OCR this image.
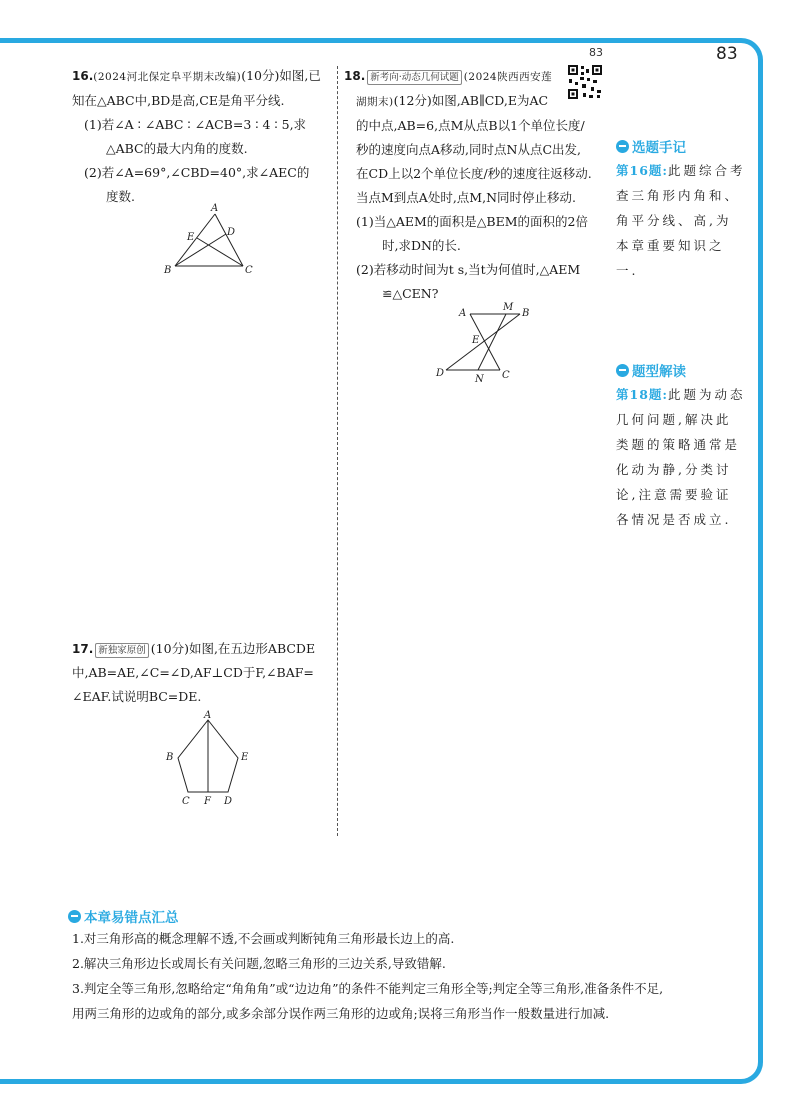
83
83

16.(2024河北保定阜平期末改编)(10分)如图,已

知在△ABC中,BD是高,CE是角平分线.

(1)若∠A ∶ ∠ABC ∶ ∠ACB=3 ∶ 4 ∶ 5,求

△ABC的最大内角的度数.

(2)若∠A=69°,∠CBD=40°,求∠AEC的

度数.

A
B	C
D
E

17. 新独家原创 (10分)如图,在五边形ABCDE

中,AB=AE,∠C=∠D,AF⊥CD于F,∠BAF=

∠EAF.试说明BC=DE.

A
B
C	D
E
F

18. 新考向·动态几何试题 (2024陕西西安莲

湖期末)(12分)如图,AB∥CD,E为AC

的中点,AB=6,点M从点B以1个单位长度/

秒的速度向点A移动,同时点N从点C出发,

在CD上以2个单位长度/秒的速度往返移动.

当点M到点A处时,点M,N同时停止移动.

(1)当△AEM的面积是△BEM的面积的2倍

时,求DN的长.

(2)若移动时间为t s,当t为何值时,△AEM

≌△CEN?

A	B
C
D
E
M
N
选题手记
第16题:此题综合考查三角形内角和、角平分线、高,为本章重要知识之一.
题型解读
第18题:此题为动态几何问题,解决此类题的策略通常是化动为静,分类讨论,注意需要验证各情况是否成立.
本章易错点汇总

1.对三角形高的概念理解不透,不会画或判断钝角三角形最长边上的高.

2.解决三角形边长或周长有关问题,忽略三角形的三边关系,导致错解.

3.判定全等三角形,忽略给定“角角角”或“边边角”的条件不能判定三角形全等;判定全等三角形,准备条件不足,

用两三角形的边或角的部分,或多余部分误作两三角形的边或角;误将三角形当作一般数量进行加减.
